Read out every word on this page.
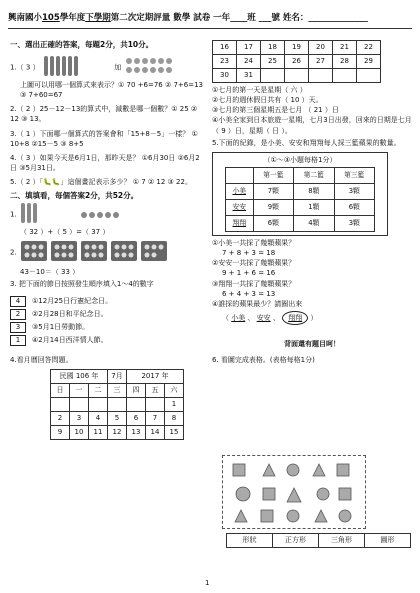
興南國小105學年度下學期第二次定期評量 數學 試卷 一年____班 ___號 姓名：______________
一、選出正確的答案，每題2分，共10分。
1.（ 3 ）	加
上圖可以用哪一個算式來表示？① 70 +6=76 ② 7+6=13 ③ 7+60=67
2.（ 2 ）25－12－13的算式中，減數是哪一個數？① 25 ② 12 ③ 13。
3.（ 1 ）下面哪一個算式的答案會和「15+8－5」一樣？ ① 10+8 ②15－5 ③ 8+5
4.（ 3 ）如果今天是6月1日，那昨天是？ ①6月30日 ②6月2日 ③5月31日。
5.（ 2 ）「🐛🐛」這個畫記表示多少？ ① 7 ② 12 ③ 22。
二、填填看，每個答案2分，共52分。
1.
（ 32 ）+（ 5 ）=（ 37 ）
2.
43－10＝（ 33 ）
3. 把下面的節日按照發生順序填入1～4的數字
4	①12月25日行憲紀念日。
2	②2月28日和平紀念日。
3	③5月1日勞動節。
1	④2月14日西洋情人節。
4.看月曆回答問題。
民國 106 年			7月	2017 年		
日	一	二	三	四	五	六
						1
2	3	4	5	6	7	8
9	10	11	12	13	14	15
16	17	18	19	20	21	22
23	24	25	26	27	28	29
30	31					
①七月的第一天是星期（ 六 ）
②七月的週休假日共有（ 10 ）天。
③七月的第三個星期五是七月 （ 21 ）日
④小美全家到日本旅遊一星期，七月3日出發，回來的日期是七月（ 9 ）日，星期（ 日 ）。
5.下面的紀錄，是小美、安安和翔翔每人採三籃蘋果的數量。
（①～③小題每格1分）
	第一籃	第二籃	第三籃
小美	7顆	8顆	3顆
安安	9顆	1顆	6顆
翔翔	6顆	4顆	3顆
①小美一共採了幾顆蘋果？
7 + 8 + 3 = 18
②安安一共採了幾顆蘋果？
9 + 1 + 6 = 16
③翔翔一共採了幾顆蘋果？
6 + 4 + 3 = 13
④誰採的蘋果最少？請圈出來
（ 小美 、 安安 、 翔翔 ）
背面還有題目呵！
6. 看圖完成表格。(表格每格1分)
形狀	正方形	三角形	圓形
1
